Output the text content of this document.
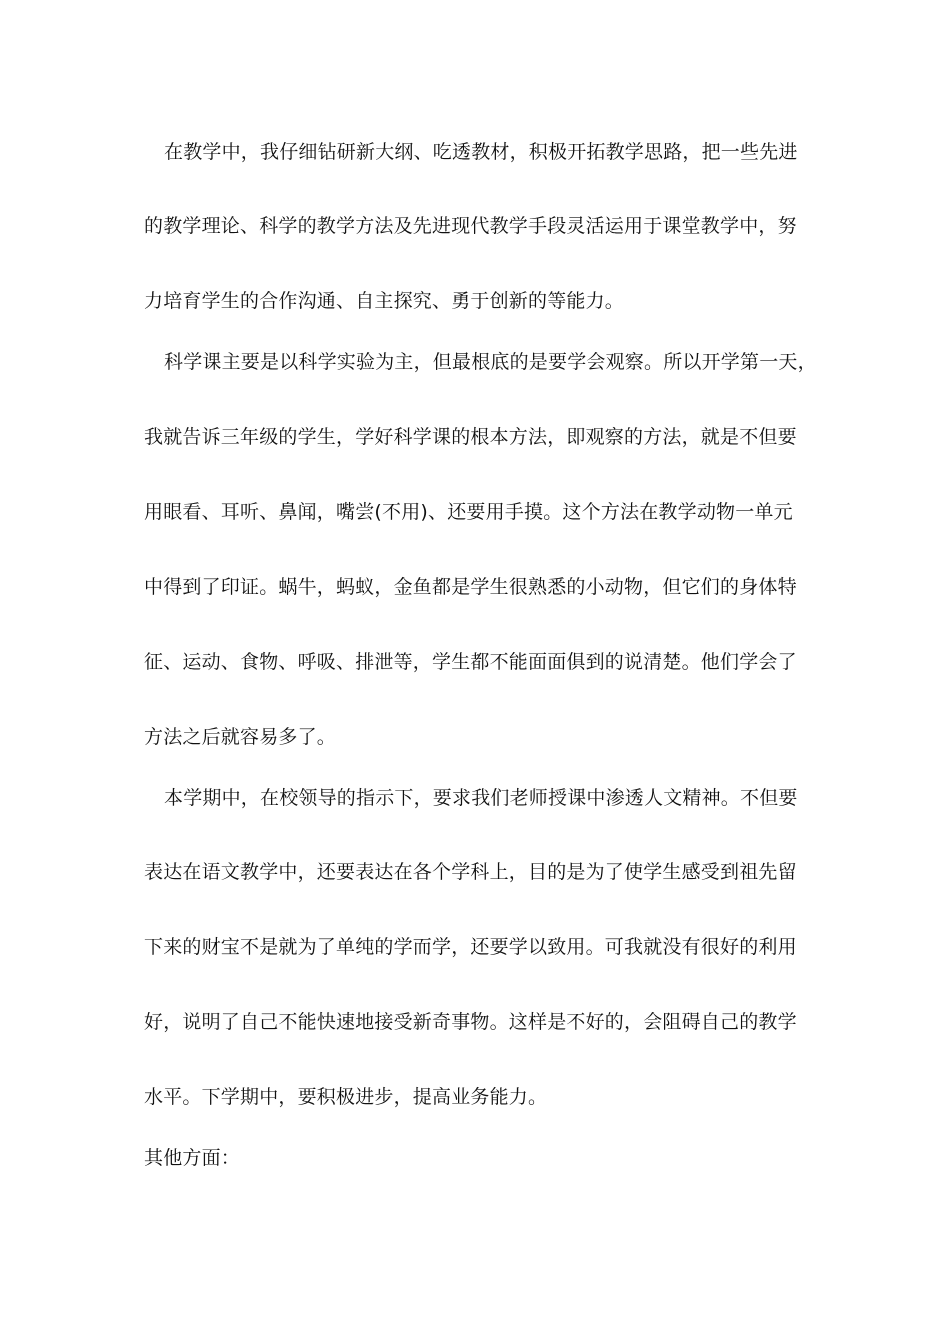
在教学中，我仔细钻研新大纲、吃透教材，积极开拓教学思路，把一些先进
的教学理论、科学的教学方法及先进现代教学手段灵活运用于课堂教学中，努
力培育学生的合作沟通、自主探究、勇于创新的等能力。
科学课主要是以科学实验为主，但最根底的是要学会观察。所以开学第一天，
我就告诉三年级的学生，学好科学课的根本方法，即观察的方法，就是不但要
用眼看、耳听、鼻闻，嘴尝(不用)、还要用手摸。这个方法在教学动物一单元
中得到了印证。蜗牛，蚂蚁，金鱼都是学生很熟悉的小动物，但它们的身体特
征、运动、食物、呼吸、排泄等，学生都不能面面俱到的说清楚。他们学会了
方法之后就容易多了。
本学期中，在校领导的指示下，要求我们老师授课中渗透人文精神。不但要
表达在语文教学中，还要表达在各个学科上，目的是为了使学生感受到祖先留
下来的财宝不是就为了单纯的学而学，还要学以致用。可我就没有很好的利用
好，说明了自己不能快速地接受新奇事物。这样是不好的，会阻碍自己的教学
水平。下学期中，要积极进步，提高业务能力。
其他方面：
